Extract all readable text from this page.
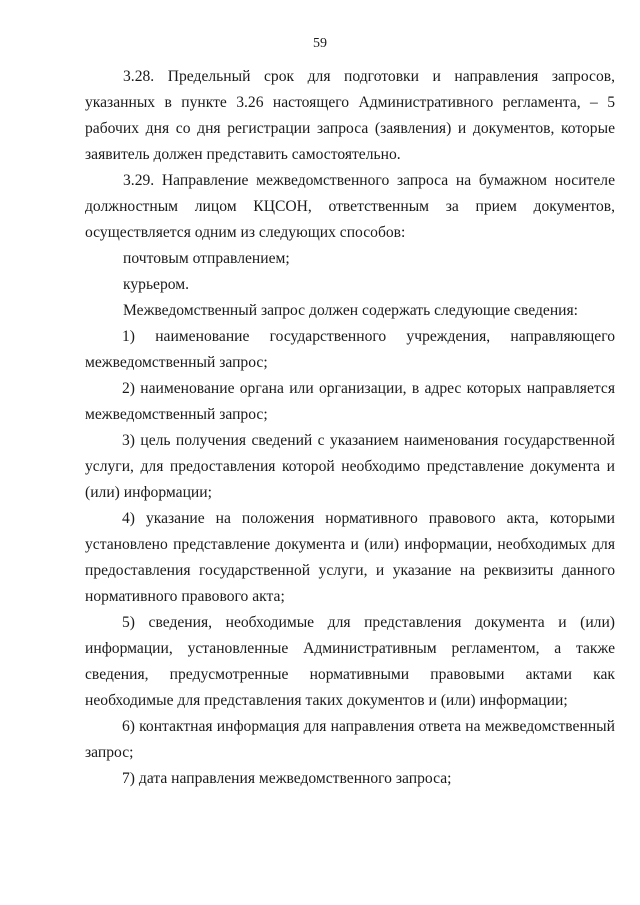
59

3.28. Предельный срок для подготовки и направления запросов, указанных в пункте 3.26 настоящего Административного регламента, – 5 рабочих дня со дня регистрации запроса (заявления) и документов, которые заявитель должен представить самостоятельно.

3.29. Направление межведомственного запроса на бумажном носителе должностным лицом КЦСОН, ответственным за прием документов, осуществляется одним из следующих способов:

почтовым отправлением;

курьером.

Межведомственный запрос должен содержать следующие сведения:

1) наименование государственного учреждения, направляющего межведомственный запрос;

2) наименование органа или организации, в адрес которых направляется межведомственный запрос;

3) цель получения сведений с указанием наименования государственной услуги, для предоставления которой необходимо представление документа и (или) информации;

4) указание на положения нормативного правового акта, которыми установлено представление документа и (или) информации, необходимых для предоставления государственной услуги, и указание на реквизиты данного нормативного правового акта;

5) сведения, необходимые для представления документа и (или) информации, установленные Административным регламентом, а также сведения, предусмотренные нормативными правовыми актами как необходимые для представления таких документов и (или) информации;

6) контактная информация для направления ответа на межведомственный запрос;

7) дата направления межведомственного запроса;
